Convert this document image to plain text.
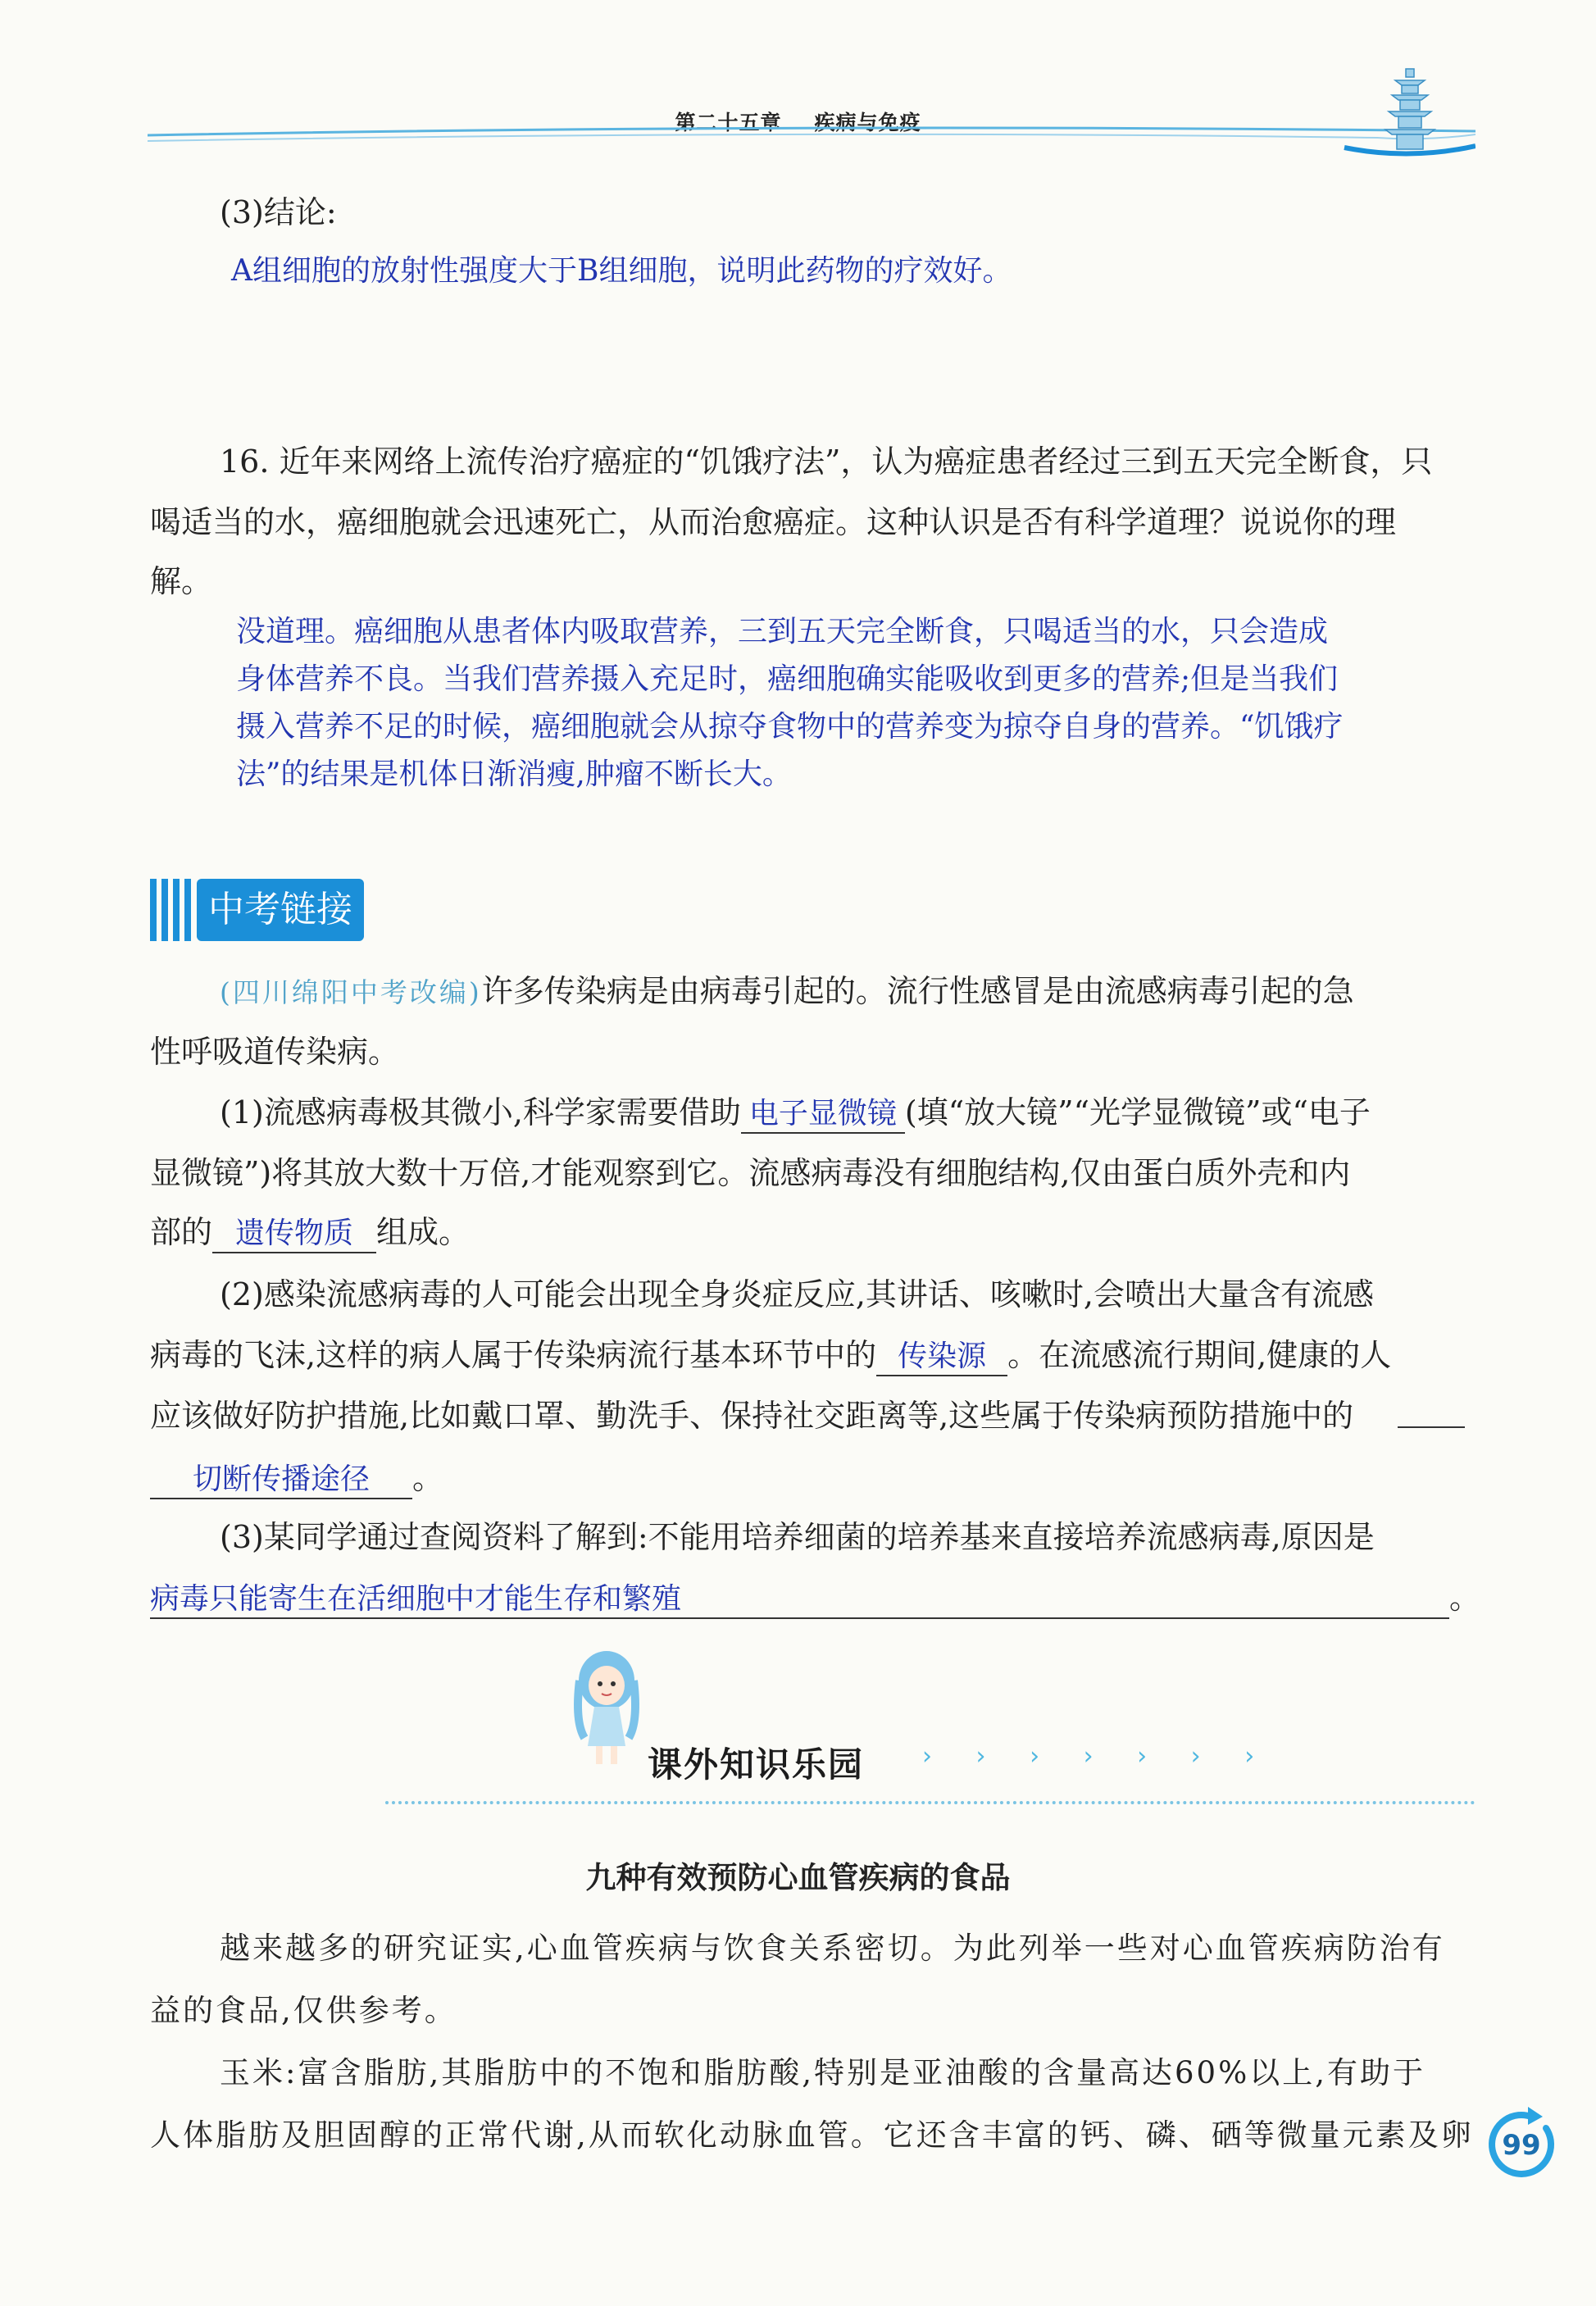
第二十五章 疾病与免疫
(3)结论:
A组细胞的放射性强度大于B组细胞，说明此药物的疗效好。
16. 近年来网络上流传治疗癌症的“饥饿疗法”，认为癌症患者经过三到五天完全断食，只
喝适当的水，癌细胞就会迅速死亡，从而治愈癌症。这种认识是否有科学道理？说说你的理
解。
没道理。癌细胞从患者体内吸取营养，三到五天完全断食，只喝适当的水，只会造成
身体营养不良。当我们营养摄入充足时，癌细胞确实能吸收到更多的营养;但是当我们
摄入营养不足的时候，癌细胞就会从掠夺食物中的营养变为掠夺自身的营养。“饥饿疗
法”的结果是机体日渐消瘦,肿瘤不断长大。
中考链接
(四川绵阳中考改编)许多传染病是由病毒引起的。流行性感冒是由流感病毒引起的急
性呼吸道传染病。
(1)流感病毒极其微小,科学家需要借助 电子显微镜 (填“放大镜”“光学显微镜”或“电子
显微镜”)将其放大数十万倍,才能观察到它。流感病毒没有细胞结构,仅由蛋白质外壳和内
部的 遗传物质 组成。
(2)感染流感病毒的人可能会出现全身炎症反应,其讲话、咳嗽时,会喷出大量含有流感
病毒的飞沫,这样的病人属于传染病流行基本环节中的 传染源 。在流感流行期间,健康的人
应该做好防护措施,比如戴口罩、勤洗手、保持社交距离等,这些属于传染病预防措施中的
切断传播途径 。
(3)某同学通过查阅资料了解到:不能用培养细菌的培养基来直接培养流感病毒,原因是
病毒只能寄生在活细胞中才能生存和繁殖	。
课外知识乐园 › › › › › › ›
九种有效预防心血管疾病的食品
越来越多的研究证实,心血管疾病与饮食关系密切。为此列举一些对心血管疾病防治有
益的食品,仅供参考。
玉米:富含脂肪,其脂肪中的不饱和脂肪酸,特别是亚油酸的含量高达60%以上,有助于
人体脂肪及胆固醇的正常代谢,从而软化动脉血管。它还含丰富的钙、磷、硒等微量元素及卵 99
